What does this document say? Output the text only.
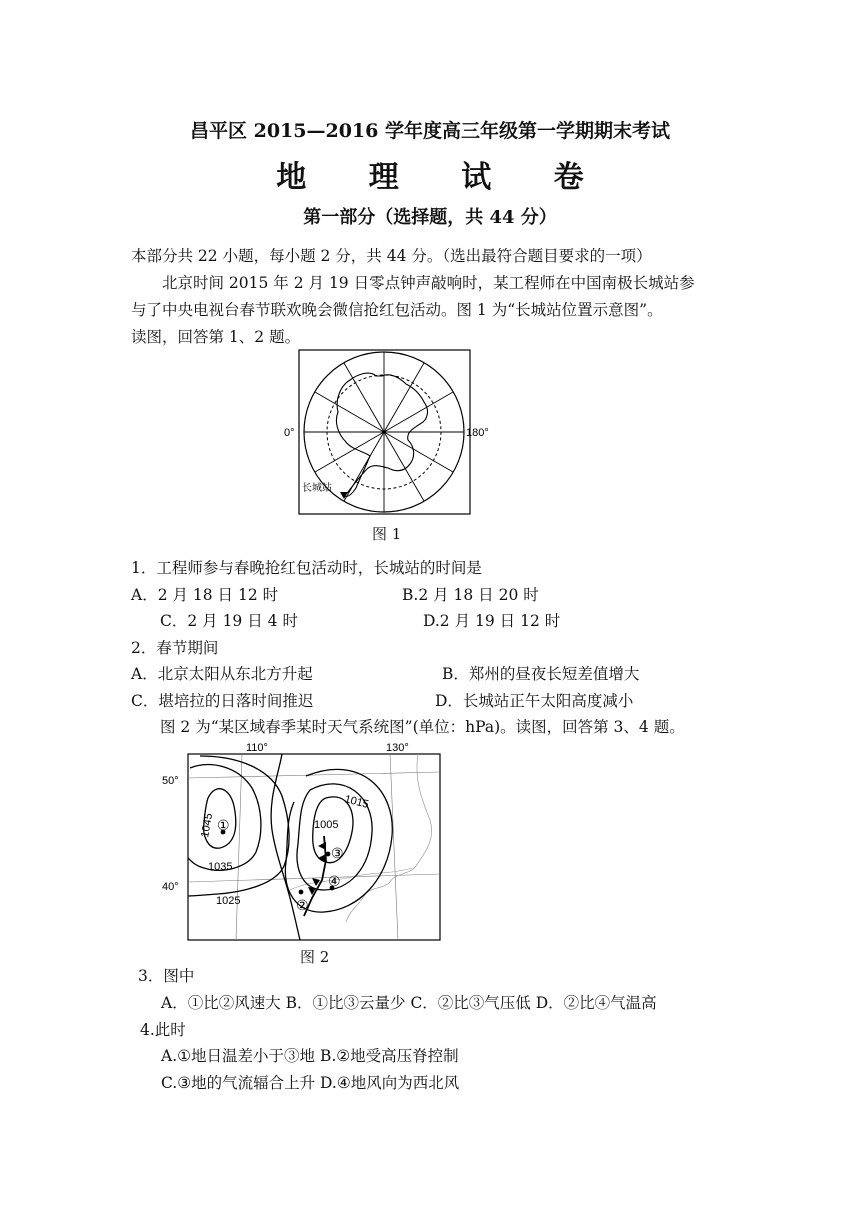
昌平区 2015—2016 学年度高三年级第一学期期末考试
地 理 试 卷
第一部分（选择题，共 44 分）
本部分共 22 小题，每小题 2 分，共 44 分。（选出最符合题目要求的一项）
北京时间 2015 年 2 月 19 日零点钟声敲响时，某工程师在中国南极长城站参
与了中央电视台春节联欢晚会微信抢红包活动。图 1 为“长城站位置示意图”。
读图，回答第 1、2 题。
0°	180°
长城站
图 1
1．工程师参与春晚抢红包活动时，长城站的时间是
A．2 月 18 日 12 时	B.2 月 18 日 20 时
C．2 月 19 日 4 时	D.2 月 19 日 12 时
2．春节期间
A．北京太阳从东北方升起	B．郑州的昼夜长短差值增大
C．堪培拉的日落时间推迟	D．长城站正午太阳高度减小
图 2 为“某区域春季某时天气系统图”(单位：hPa)。读图，回答第 3、4 题。
110°	130°
50°
40°
1045
1035
1025
1015
1005
①
③
④
②
图 2
3．图中
A．①比②风速大 B．①比③云量少 C．②比③气压低 D．②比④气温高
4.此时
A.①地日温差小于③地 B.②地受高压脊控制
C.③地的气流辐合上升 D.④地风向为西北风
